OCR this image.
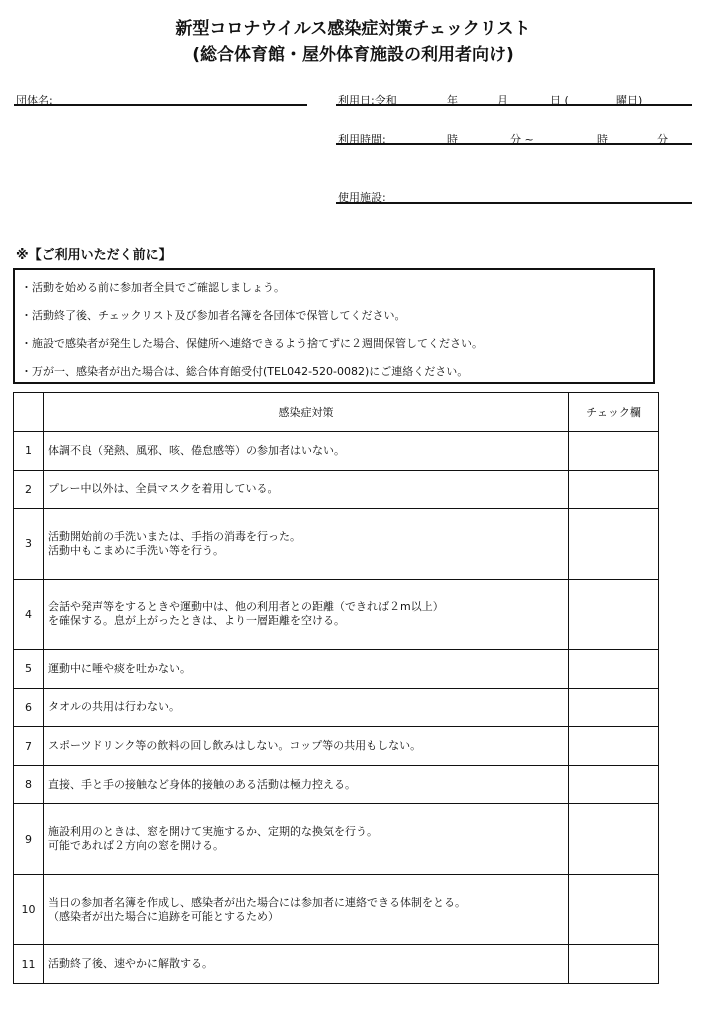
新型コロナウイルス感染症対策チェックリスト
(総合体育館・屋外体育施設の利用者向け)
団体名:	利用日:令和	年	月	日 (	曜日)
利用時間:	時	分 ~	時	分
使用施設:
※【ご利用いただく前に】
・活動を始める前に参加者全員でご確認しましょう。
・活動終了後、チェックリスト及び参加者名簿を各団体で保管してください。
・施設で感染者が発生した場合、保健所へ連絡できるよう捨てずに２週間保管してください。
・万が一、感染者が出た場合は、総合体育館受付(TEL042-520-0082)にご連絡ください。
	感染症対策	チェック欄
1	体調不良（発熱、風邪、咳、倦怠感等）の参加者はいない。	

2	プレー中以外は、全員マスクを着用している。	

3	活動開始前の手洗いまたは、手指の消毒を行った。
活動中もこまめに手洗い等を行う。	

4	会話や発声等をするときや運動中は、他の利用者との距離（できれば２m以上）
を確保する。息が上がったときは、より一層距離を空ける。	

5	運動中に唾や痰を吐かない。	

6	タオルの共用は行わない。	

7	スポーツドリンク等の飲料の回し飲みはしない。コップ等の共用もしない。	

8	直接、手と手の接触など身体的接触のある活動は極力控える。	

9	施設利用のときは、窓を開けて実施するか、定期的な換気を行う。
可能であれば２方向の窓を開ける。	

10	当日の参加者名簿を作成し、感染者が出た場合には参加者に連絡できる体制をとる。
（感染者が出た場合に追跡を可能とするため）	

11	活動終了後、速やかに解散する。	
